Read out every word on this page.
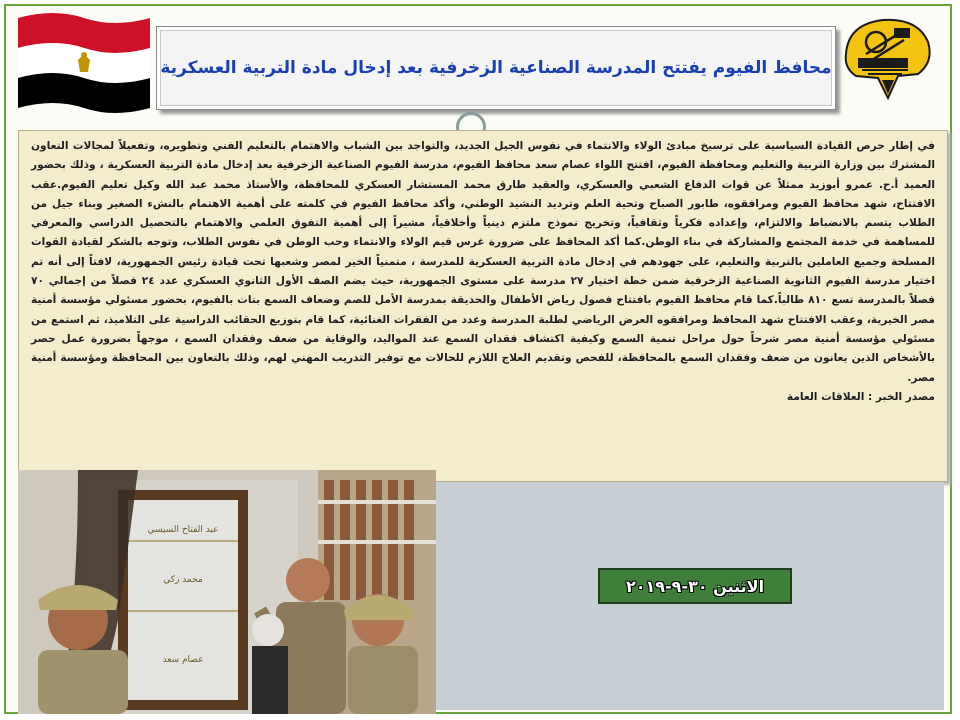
محافظ الفيوم يفتتح المدرسة الصناعية الزخرفية بعد إدخال مادة التربية العسكرية

في إطار حرص القيادة السياسية على ترسيخ مبادئ الولاء والانتماء في نفوس الجيل الجديد، والتواجد بين الشباب والاهتمام بالتعليم الفني وتطويره، وتفعيلاً لمجالات التعاون المشترك بين وزارة التربية والتعليم ومحافظة الفيوم، افتتح اللواء عصام سعد محافظ الفيوم، مدرسة الفيوم الصناعية الزخرفية بعد إدخال مادة التربية العسكرية ، وذلك بحضور العميد أ.ح. عمرو أبوزيد ممثلاً عن قوات الدفاع الشعبي والعسكري، والعقيد طارق محمد المستشار العسكري للمحافظة، والأستاذ محمد عبد الله وكيل تعليم الفيوم.عقب الافتتاح، شهد محافظ الفيوم ومرافقوه، طابور الصباح وتحية العلم وترديد النشيد الوطني، وأكد محافظ الفيوم في كلمته على أهمية الاهتمام بالنشء الصغير وبناء جيل من الطلاب يتسم بالانضباط والالتزام، وإعداده فكرياً وثقافياً، وتخريج نموذج ملتزم دينياً وأخلاقياً، مشيراً إلى أهمية التفوق العلمي والاهتمام بالتحصيل الدراسي والمعرفي للمساهمة في خدمة المجتمع والمشاركة في بناء الوطن.كما أكد المحافظ على ضرورة غرس قيم الولاء والانتماء وحب الوطن في نفوس الطلاب، وتوجه بالشكر لقيادة القوات المسلحة وجميع العاملين بالتربية والتعليم، على جهودهم في إدخال مادة التربية العسكرية للمدرسة ، متمنياً الخير لمصر وشعبها تحت قيادة رئيس الجمهورية، لافتاً إلى أنه تم اختيار مدرسة الفيوم الثانوية الصناعية الزخرفية ضمن خطة اختيار ٢٧ مدرسة على مستوى الجمهورية، حيث يضم الصف الأول الثانوي العسكري عدد ٢٤ فصلاً من إجمالي ٧٠ فصلاً بالمدرسة تسع ٨١٠ طالباً.كما قام محافظ الفيوم بافتتاح فصول رياض الأطفال والحديقة بمدرسة الأمل للصم وضعاف السمع بنات بالفيوم، بحضور مسئولي مؤسسة أمنية مصر الخيرية، وعقب الافتتاح شهد المحافظ ومرافقوه العرض الرياضي لطلبة المدرسة وعدد من الفقرات الغنائية، كما قام بتوزيع الحقائب الدراسية على التلاميذ، ثم استمع من مسئولي مؤسسة أمنية مصر شرحاً حول مراحل تنمية السمع وكيفية اكتشاف فقدان السمع عند المواليد، والوقاية من ضعف وفقدان السمع ، موجهاً بضرورة عمل حصر بالأشخاص الذين يعانون من ضعف وفقدان السمع بالمحافظة، للفحص وتقديم العلاج اللازم للحالات مع توفير التدريب المهني لهم، وذلك بالتعاون بين المحافظة ومؤسسة أمنية مصر.

مصدر الخبر : العلاقات العامة

عبد الفتاح السيسي
محمد زكي
عصام سعد
الاثنين ٣٠-٩-٢٠١٩
